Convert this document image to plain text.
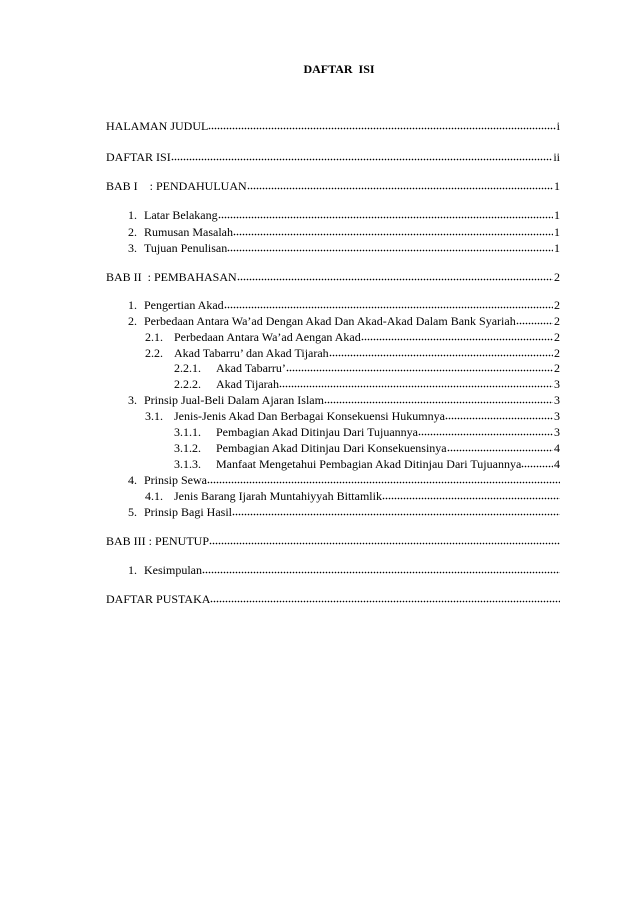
DAFTAR ISI
HALAMAN JUDUL	i
DAFTAR ISI	ii
BAB I    : PENDAHULUAN	1
1. Latar Belakang	1
2. Rumusan Masalah	1
3. Tujuan Penulisan	1
BAB II  : PEMBAHASAN	2
1. Pengertian Akad	2
2. Perbedaan Antara Wa’ad Dengan Akad Dan Akad-Akad Dalam Bank Syariah	2
2.1. Perbedaan Antara Wa’ad Aengan Akad	2
2.2. Akad Tabarru’ dan Akad Tijarah	2
2.2.1.	Akad Tabarru’	2
2.2.2.	Akad Tijarah	3
3. Prinsip Jual-Beli Dalam Ajaran Islam	3
3.1. Jenis-Jenis Akad Dan Berbagai Konsekuensi Hukumnya	3
3.1.1.	Pembagian Akad Ditinjau Dari Tujuannya	3
3.1.2.	Pembagian Akad Ditinjau Dari Konsekuensinya	4
3.1.3.	Manfaat Mengetahui Pembagian Akad Ditinjau Dari Tujuannya	4
4. Prinsip Sewa
4.1. Jenis Barang Ijarah Muntahiyyah Bittamlik
5. Prinsip Bagi Hasil
BAB III : PENUTUP
1. Kesimpulan
DAFTAR PUSTAKA
